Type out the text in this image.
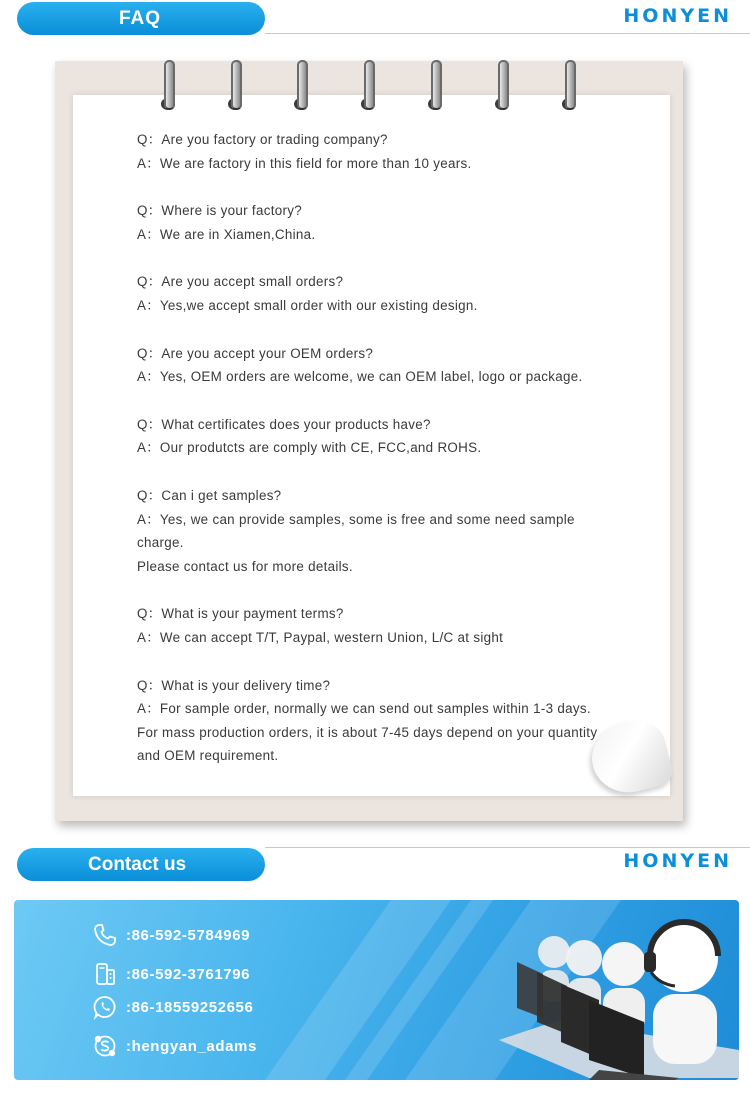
FAQ	HONYEN
Q：Are you factory or trading company?
A：We are factory in this field for more than 10 years.
Q：Where is your factory?
A：We are in Xiamen,China.
Q：Are you accept small orders?
A：Yes,we accept small order with our existing design.
Q：Are you accept your OEM orders?
A：Yes, OEM orders are welcome, we can OEM label, logo or package.
Q：What certificates does your products have?
A：Our produtcts are comply with CE, FCC,and ROHS.
Q：Can i get samples?
A：Yes, we can provide samples, some is free and some need sample
charge.
Please contact us for more details.
Q：What is your payment terms?
A：We can accept T/T, Paypal, western Union, L/C at sight
Q：What is your delivery time?
A：For sample order, normally we can send out samples within 1-3 days.
For mass production orders, it is about 7-45 days depend on your quantity
and OEM requirement.
Contact us	HONYEN
:86-592-5784969
:86-592-3761796
:86-18559252656
:hengyan_adams
